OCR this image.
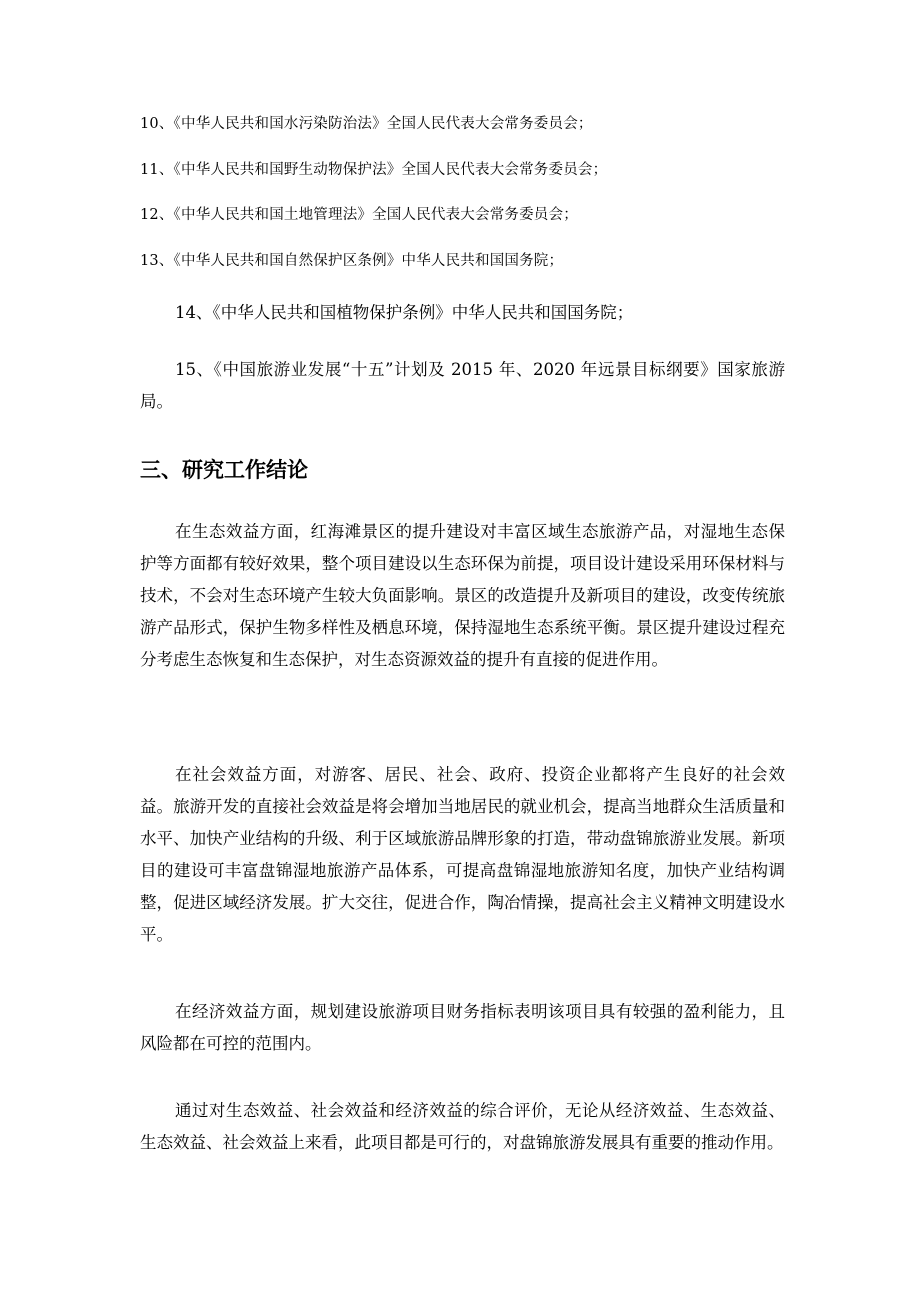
10、《中华人民共和国水污染防治法》全国人民代表大会常务委员会；
11、《中华人民共和国野生动物保护法》全国人民代表大会常务委员会；
12、《中华人民共和国土地管理法》全国人民代表大会常务委员会；
13、《中华人民共和国自然保护区条例》中华人民共和国国务院；
14、《中华人民共和国植物保护条例》中华人民共和国国务院；

15、《中国旅游业发展“十五”计划及 2015 年、2020 年远景目标纲要》国家旅游局。

三、研究工作结论

在生态效益方面，红海滩景区的提升建设对丰富区域生态旅游产品，对湿地生态保护等方面都有较好效果，整个项目建设以生态环保为前提，项目设计建设采用环保材料与技术，不会对生态环境产生较大负面影响。景区的改造提升及新项目的建设，改变传统旅游产品形式，保护生物多样性及栖息环境，保持湿地生态系统平衡。景区提升建设过程充分考虑生态恢复和生态保护，对生态资源效益的提升有直接的促进作用。

在社会效益方面，对游客、居民、社会、政府、投资企业都将产生良好的社会效益。旅游开发的直接社会效益是将会增加当地居民的就业机会，提高当地群众生活质量和水平、加快产业结构的升级、利于区域旅游品牌形象的打造，带动盘锦旅游业发展。新项目的建设可丰富盘锦湿地旅游产品体系，可提高盘锦湿地旅游知名度，加快产业结构调整，促进区域经济发展。扩大交往，促进合作，陶冶情操，提高社会主义精神文明建设水平。

在经济效益方面，规划建设旅游项目财务指标表明该项目具有较强的盈利能力，且风险都在可控的范围内。

通过对生态效益、社会效益和经济效益的综合评价，无论从经济效益、生态效益、生态效益、社会效益上来看，此项目都是可行的，对盘锦旅游发展具有重要的推动作用。
